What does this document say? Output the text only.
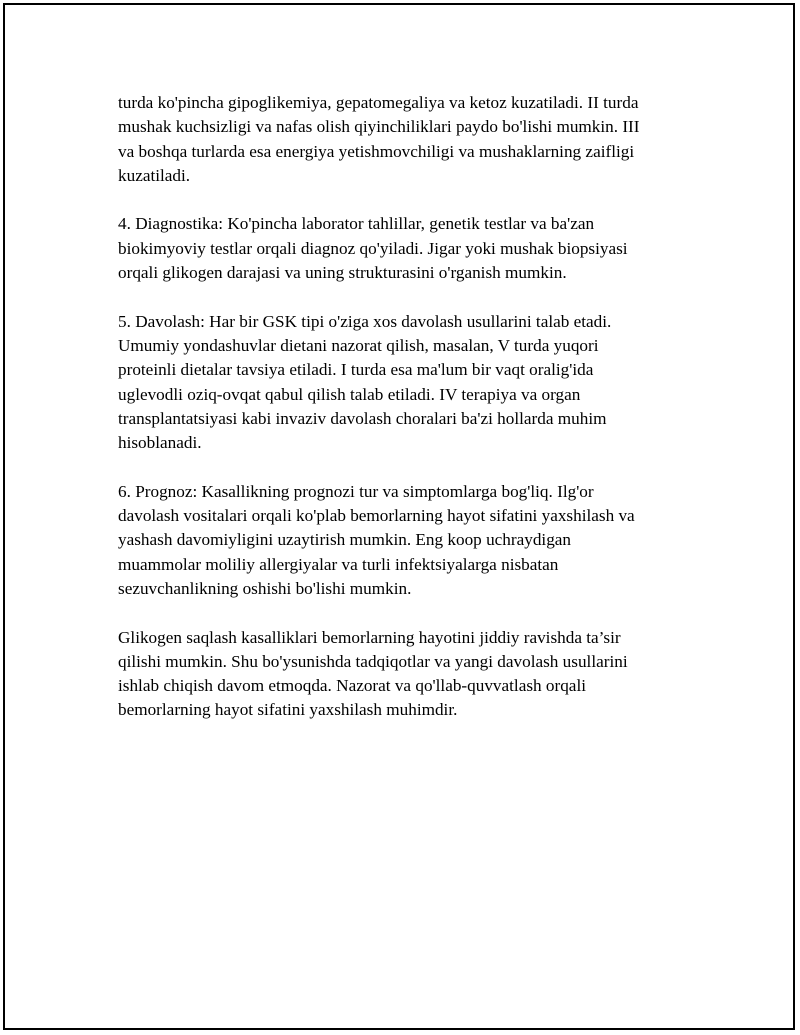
turda ko'pincha gipoglikemiya, gepatomegaliya va ketoz kuzatiladi. II turda
mushak kuchsizligi va nafas olish qiyinchiliklari paydo bo'lishi mumkin. III
va boshqa turlarda esa energiya yetishmovchiligi va mushaklarning zaifligi
kuzatiladi.

4. Diagnostika: Ko'pincha laborator tahlillar, genetik testlar va ba'zan
biokimyoviy testlar orqali diagnoz qo'yiladi. Jigar yoki mushak biopsiyasi
orqali glikogen darajasi va uning strukturasini o'rganish mumkin.

5. Davolash: Har bir GSK tipi o'ziga xos davolash usullarini talab etadi.
Umumiy yondashuvlar dietani nazorat qilish, masalan, V turda yuqori
proteinli dietalar tavsiya etiladi. I turda esa ma'lum bir vaqt oralig'ida
uglevodli oziq-ovqat qabul qilish talab etiladi. IV terapiya va organ
transplantatsiyasi kabi invaziv davolash choralari ba'zi hollarda muhim
hisoblanadi.

6. Prognoz: Kasallikning prognozi tur va simptomlarga bog'liq. Ilg'or
davolash vositalari orqali ko'plab bemorlarning hayot sifatini yaxshilash va
yashash davomiyligini uzaytirish mumkin. Eng koop uchraydigan
muammolar moliliy allergiyalar va turli infektsiyalarga nisbatan
sezuvchanlikning oshishi bo'lishi mumkin.

Glikogen saqlash kasalliklari bemorlarning hayotini jiddiy ravishda ta’sir
qilishi mumkin. Shu bo'ysunishda tadqiqotlar va yangi davolash usullarini
ishlab chiqish davom etmoqda. Nazorat va qo'llab-quvvatlash orqali
bemorlarning hayot sifatini yaxshilash muhimdir.
